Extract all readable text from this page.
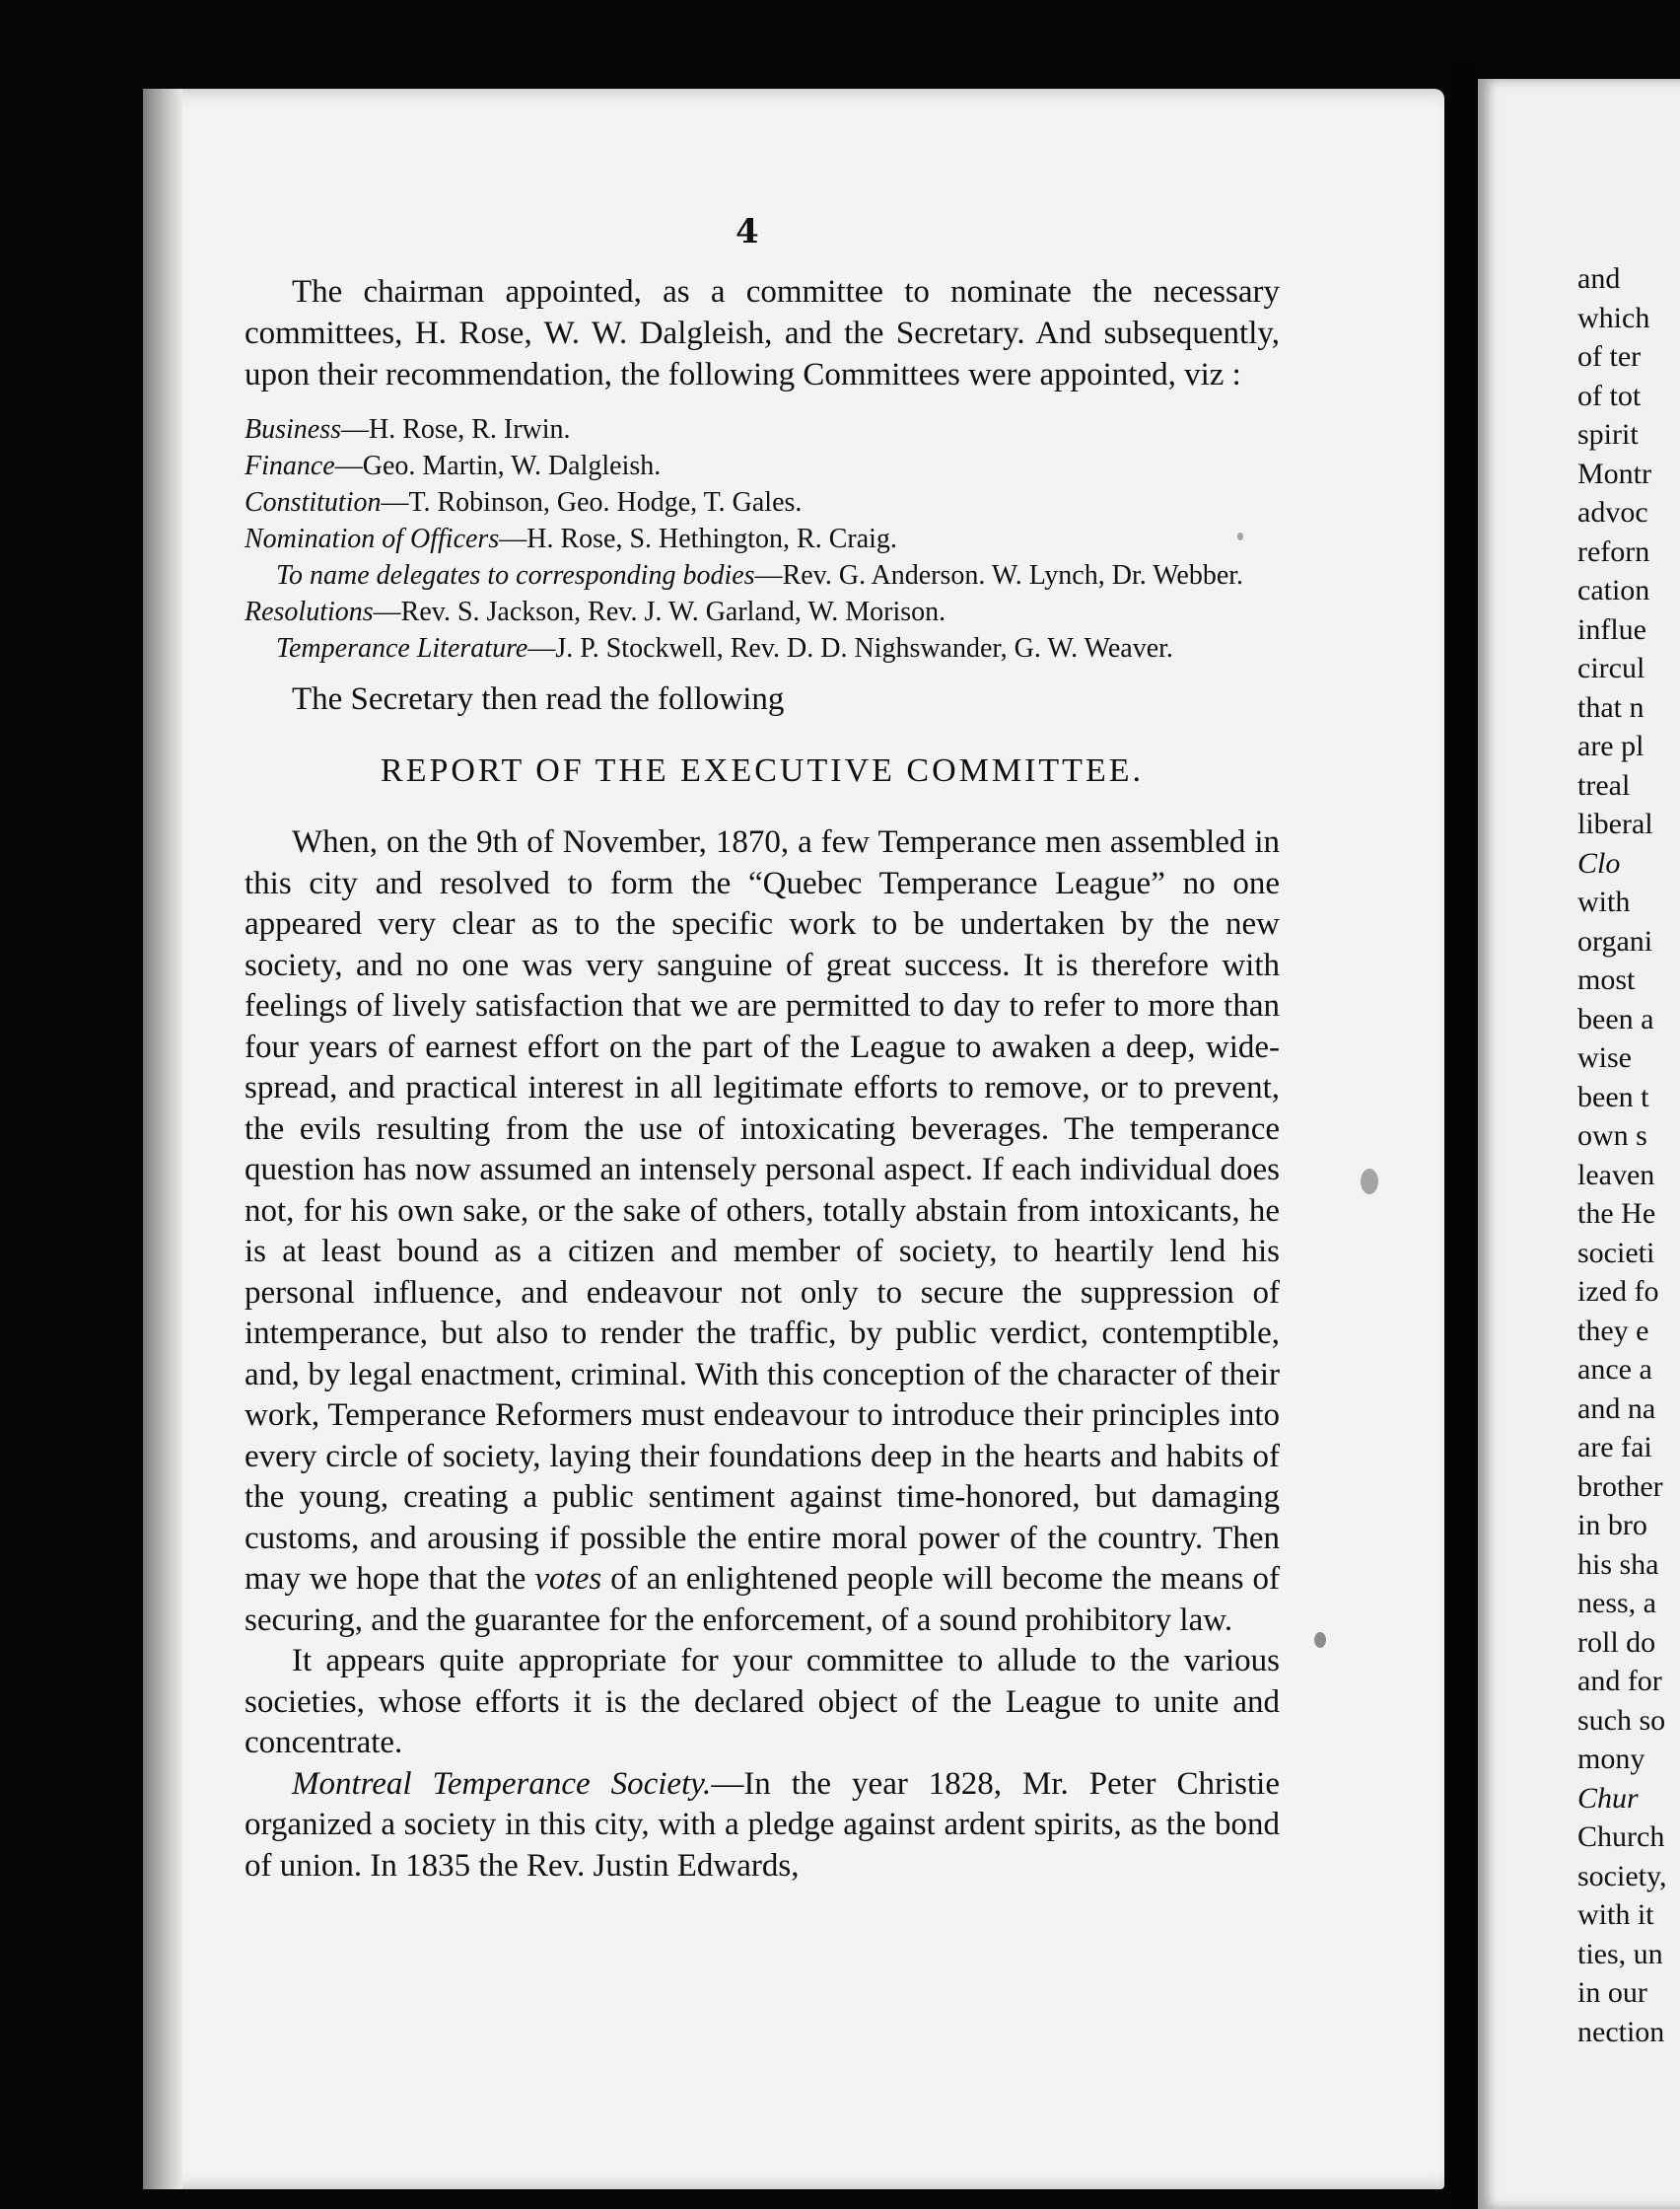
4

The chairman appointed, as a committee to nominate the necessary committees, H. Rose, W. W. Dalgleish, and the Secretary. And subsequently, upon their recommendation, the following Committees were appointed, viz :

Business—H. Rose, R. Irwin.

Finance—Geo. Martin, W. Dalgleish.

Constitution—T. Robinson, Geo. Hodge, T. Gales.

Nomination of Officers—H. Rose, S. Hethington, R. Craig.

To name delegates to corresponding bodies—Rev. G. Anderson. W. Lynch, Dr. Webber.

Resolutions—Rev. S. Jackson, Rev. J. W. Garland, W. Morison.

Temperance Literature—J. P. Stockwell, Rev. D. D. Nighswander, G. W. Weaver.

The Secretary then read the following

REPORT OF THE EXECUTIVE COMMITTEE.

When, on the 9th of November, 1870, a few Temperance men assembled in this city and resolved to form the “Quebec Temperance League” no one appeared very clear as to the specific work to be undertaken by the new society, and no one was very sanguine of great success. It is therefore with feelings of lively satisfaction that we are permitted to day to refer to more than four years of earnest effort on the part of the League to awaken a deep, wide-spread, and practical interest in all legitimate efforts to remove, or to prevent, the evils resulting from the use of intoxicating beverages. The temperance question has now assumed an intensely personal aspect. If each individual does not, for his own sake, or the sake of others, totally abstain from intoxicants, he is at least bound as a citizen and member of society, to heartily lend his personal influence, and endeavour not only to secure the suppression of intemperance, but also to render the traffic, by public verdict, contemptible, and, by legal enactment, criminal. With this conception of the character of their work, Temperance Reformers must endeavour to introduce their principles into every circle of society, laying their foundations deep in the hearts and habits of the young, creating a public sentiment against time-honored, but damaging customs, and arousing if possible the entire moral power of the country. Then may we hope that the votes of an enlightened people will become the means of securing, and the guarantee for the enforcement, of a sound prohibitory law.

It appears quite appropriate for your committee to allude to the various societies, whose efforts it is the declared object of the League to unite and concentrate.

Montreal Temperance Society.—In the year 1828, Mr. Peter Christie organized a society in this city, with a pledge against ardent spirits, as the bond of union. In 1835 the Rev. Justin Edwards,

and
which
of ter
of tot
spirit
Montr
advoc
reforn
cation
influe
circul
that n
are pl
treal
liberal
Clo
with
organi
most
been a
wise
been t
own s
leaven
the He
societi
ized fo
they e
ance a
and na
are fai
brother
in bro
his sha
ness, a
roll do
and for
such so
mony
Chur
Church
society,
with it
ties, un
in our
nection
